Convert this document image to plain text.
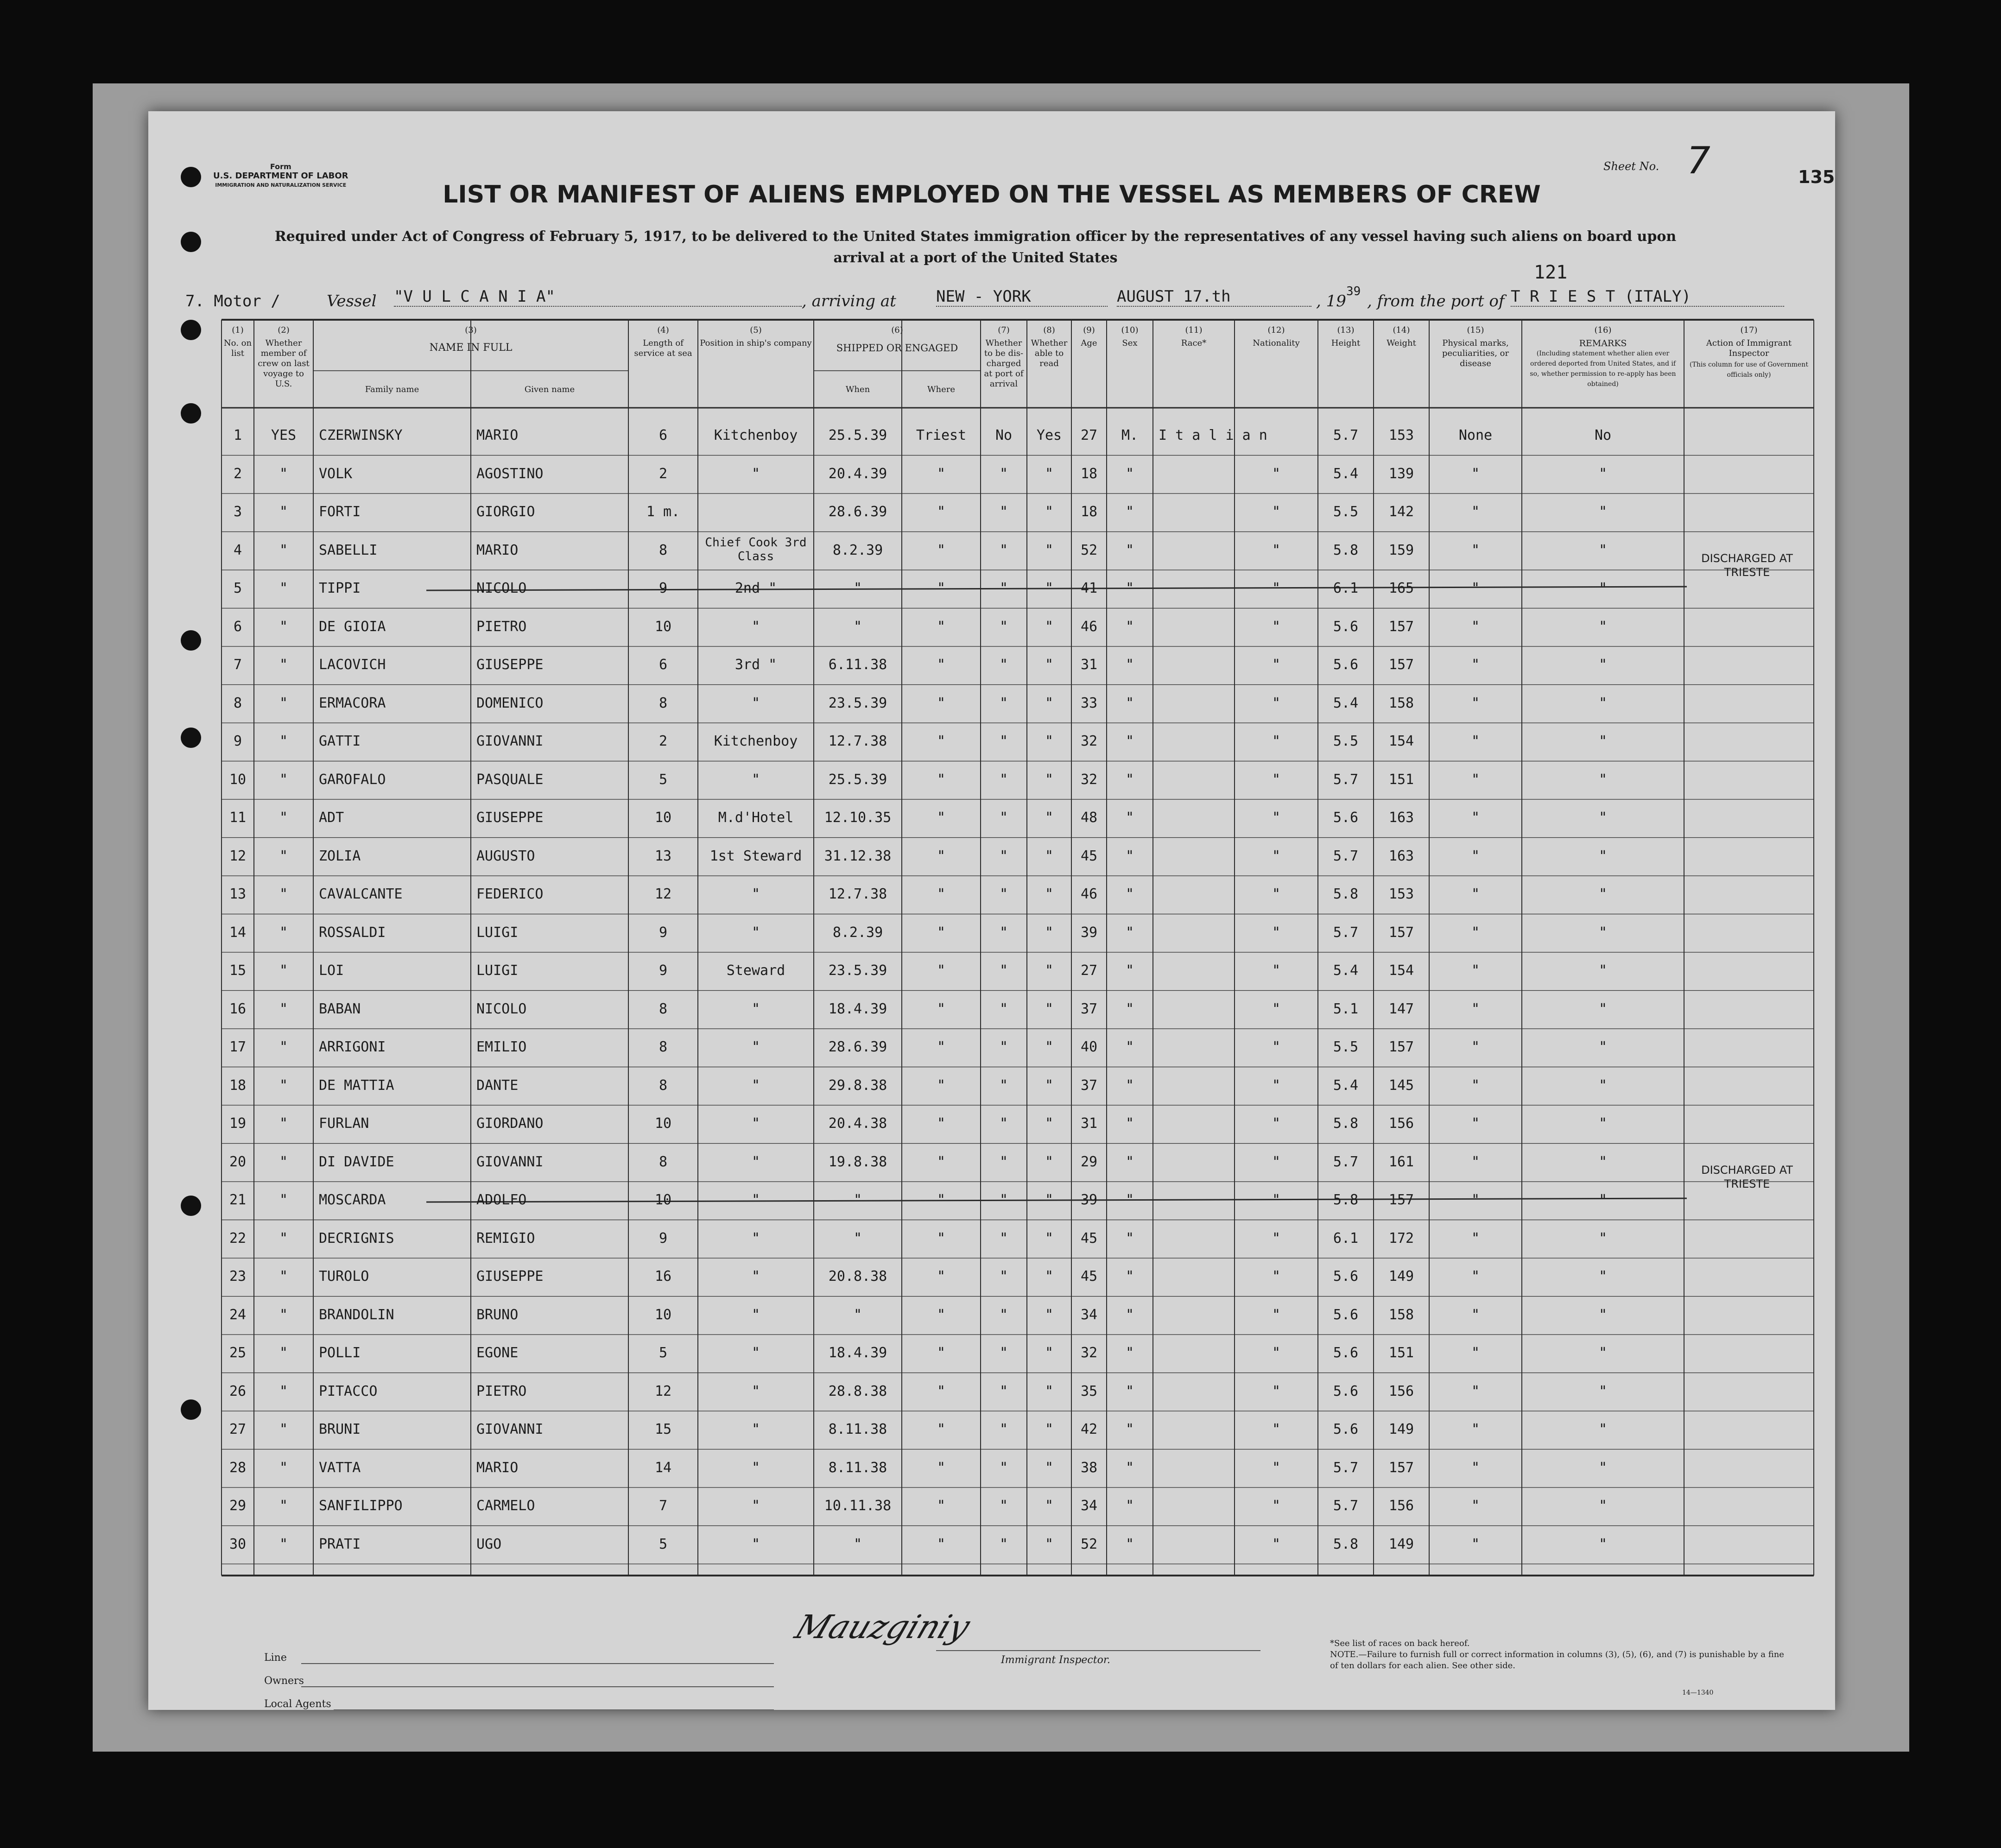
Form
U.S. DEPARTMENT OF LABOR
IMMIGRATION AND NATURALIZATION SERVICE
Sheet No. 7	135
LIST OR MANIFEST OF ALIENS EMPLOYED ON THE VESSEL AS MEMBERS OF CREW
Required under Act of Congress of February 5, 1917, to be delivered to the United States immigration officer by the representatives of any vessel having such aliens on board upon arrival at a port of the United States
121
7. Motor /	Vessel "V U L C A N I A"	, arriving at	NEW - YORK	AUGUST 17.th	, 19
39
, from the port of T R I E S T (ITALY)
(1)
No. on list
(2)
Whether member of crew on last voyage to U.S.
(4)
Length of service at sea
(5)
Position in ship's company
(7)
Whether to be dis-charged at port of arrival
(8)
Whether able to read
(9)
Age
(10)
Sex
(11)
Race*
(12)
Nationality
(13)
Height
(14)
Weight
(15)
Physical marks, peculiarities, or disease
(3)
NAME IN FULL
Family name	Given name
(6)
SHIPPED OR ENGAGED
When	Where
(16)
REMARKS
(Including statement whether alien ever ordered deported from United States, and if so, whether permission to re-apply has been obtained)
(17)
Action of Immigrant Inspector
(This column for use of Government officials only)
1	YES	CZERWINSKY	MARIO	6	Kitchenboy	25.5.39	Triest	No	Yes 27	M.	I t a l i a n	5.7	153	None	No
2	"	VOLK	AGOSTINO	2	"	20.4.39	"	"	"	18	"	"	5.4	139	"	"
3	"	FORTI	GIORGIO	1 m.	28.6.39	"	"	"	18	"	"	5.5	142	"	"
4	"	SABELLI	MARIO	8	Chief Cook 3rd Class	8.2.39	"	"	"	52	"	"	5.8	159	"	"
5	"	TIPPI	NICOLO	9	2nd "	"	"	"	"	41	"	"	6.1	165	"	"
6	"	DE GIOIA	PIETRO	10	"	"	"	"	"	46	"	"	5.6	157	"	"
7	"	LACOVICH	GIUSEPPE	6	3rd "	6.11.38	"	"	"	31	"	"	5.6	157	"	"
8	"	ERMACORA	DOMENICO	8	"	23.5.39	"	"	"	33	"	"	5.4	158	"	"
9	"	GATTI	GIOVANNI	2	Kitchenboy	12.7.38	"	"	"	32	"	"	5.5	154	"	"
10	"	GAROFALO	PASQUALE	5	"	25.5.39	"	"	"	32	"	"	5.7	151	"	"
11	"	ADT	GIUSEPPE	10	M.d'Hotel	12.10.35	"	"	"	48	"	"	5.6	163	"	"
12	"	ZOLIA	AUGUSTO	13	1st Steward	31.12.38	"	"	"	45	"	"	5.7	163	"	"
13	"	CAVALCANTE	FEDERICO	12	"	12.7.38	"	"	"	46	"	"	5.8	153	"	"
14	"	ROSSALDI	LUIGI	9	"	8.2.39	"	"	"	39	"	"	5.7	157	"	"
15	"	LOI	LUIGI	9	Steward	23.5.39	"	"	"	27	"	"	5.4	154	"	"
16	"	BABAN	NICOLO	8	"	18.4.39	"	"	"	37	"	"	5.1	147	"	"
17	"	ARRIGONI	EMILIO	8	"	28.6.39	"	"	"	40	"	"	5.5	157	"	"
18	"	DE MATTIA	DANTE	8	"	29.8.38	"	"	"	37	"	"	5.4	145	"	"
19	"	FURLAN	GIORDANO	10	"	20.4.38	"	"	"	31	"	"	5.8	156	"	"
20	"	DI DAVIDE	GIOVANNI	8	"	19.8.38	"	"	"	29	"	"	5.7	161	"	"
21	"	MOSCARDA	ADOLFO	10	"	"	"	"	"	39	"	"	5.8	157	"	"
22	"	DECRIGNIS	REMIGIO	9	"	"	"	"	"	45	"	"	6.1	172	"	"
23	"	TUROLO	GIUSEPPE	16	"	20.8.38	"	"	"	45	"	"	5.6	149	"	"
24	"	BRANDOLIN	BRUNO	10	"	"	"	"	"	34	"	"	5.6	158	"	"
25	"	POLLI	EGONE	5	"	18.4.39	"	"	"	32	"	"	5.6	151	"	"
26	"	PITACCO	PIETRO	12	"	28.8.38	"	"	"	35	"	"	5.6	156	"	"
27	"	BRUNI	GIOVANNI	15	"	8.11.38	"	"	"	42	"	"	5.6	149	"	"
28	"	VATTA	MARIO	14	"	8.11.38	"	"	"	38	"	"	5.7	157	"	"
29	"	SANFILIPPO	CARMELO	7	"	10.11.38	"	"	"	34	"	"	5.7	156	"	"
30	"	PRATI	UGO	5	"	"	"	"	"	52	"	"	5.8	149	"	"
DISCHARGED AT TRIESTE
DISCHARGED AT TRIESTE
Line
Owners
Local Agents
Mauzginiy
Immigrant Inspector.
*See list of races on back hereof.
NOTE.—Failure to furnish full or correct information in columns (3), (5), (6), and (7) is punishable by a fine of ten dollars for each alien. See other side.
14—1340
